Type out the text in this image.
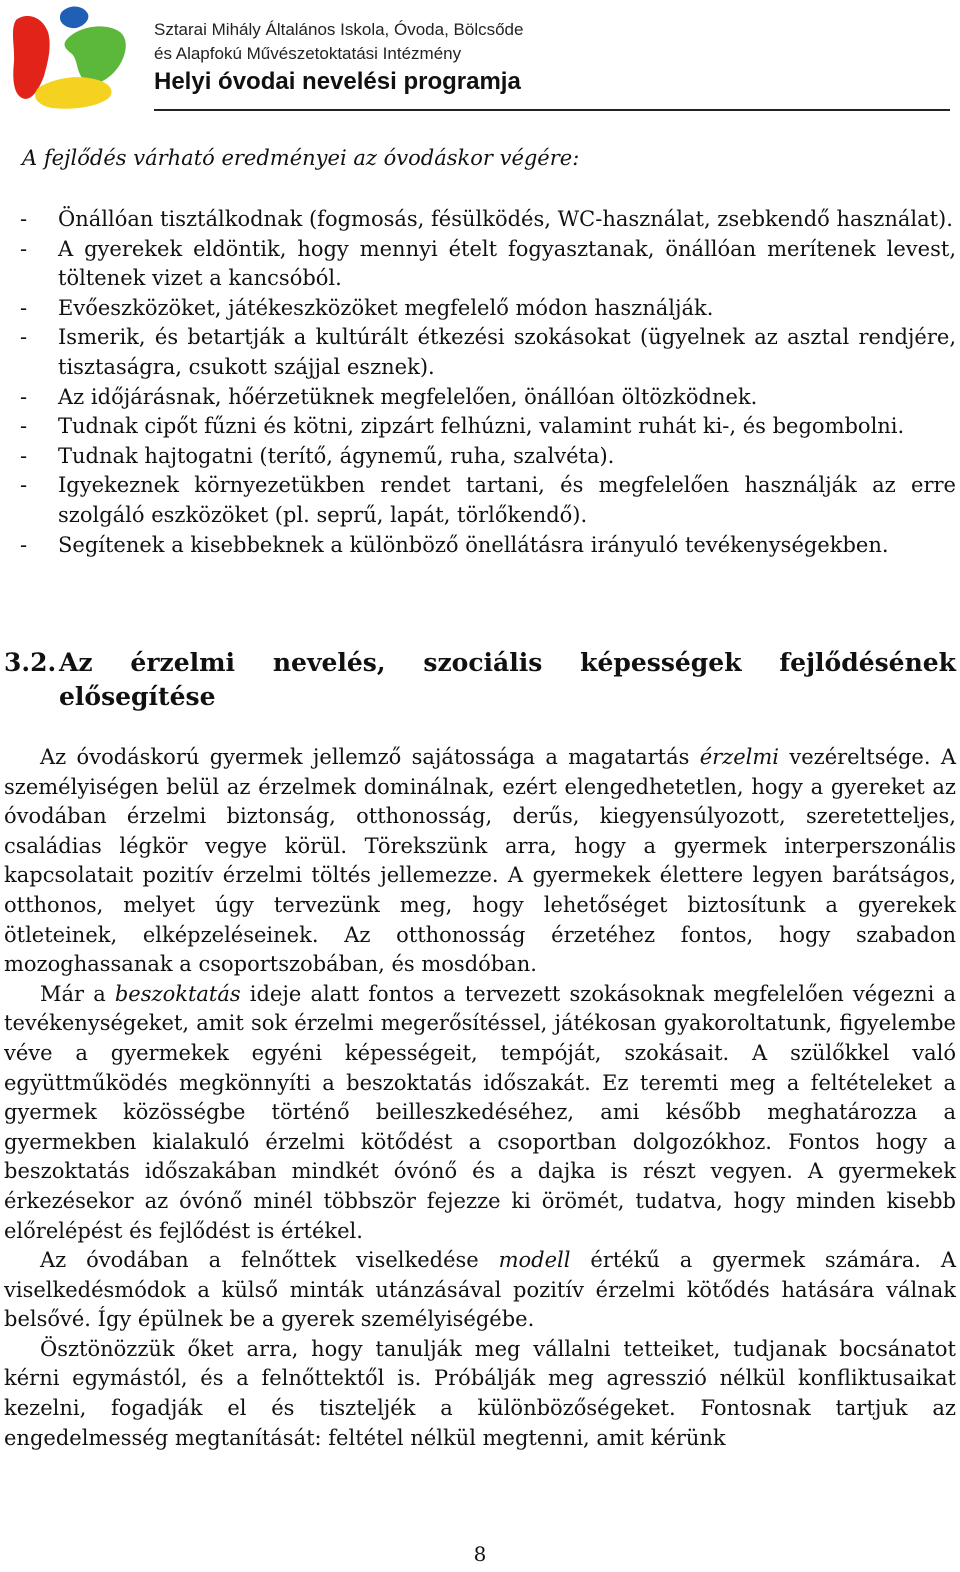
Sztarai Mihály Általános Iskola, Óvoda, Bölcsőde
és Alapfokú Művészetoktatási Intézmény
Helyi óvodai nevelési programja
A fejlődés várható eredményei az óvodáskor végére:
- Önállóan tisztálkodnak (fogmosás, fésülködés, WC-használat, zsebkendő használat).
- A gyerekek eldöntik, hogy mennyi ételt fogyasztanak, önállóan merítenek levest, töltenek vizet a kancsóból.
- Evőeszközöket, játékeszközöket megfelelő módon használják.
- Ismerik, és betartják a kultúrált étkezési szokásokat (ügyelnek az asztal rendjére, tisztaságra, csukott szájjal esznek).
- Az időjárásnak, hőérzetüknek megfelelően, önállóan öltözködnek.
- Tudnak cipőt fűzni és kötni, zipzárt felhúzni, valamint ruhát ki-, és begombolni.
- Tudnak hajtogatni (terítő, ágynemű, ruha, szalvéta).
- Igyekeznek környezetükben rendet tartani, és megfelelően használják az erre szolgáló eszközöket (pl. seprű, lapát, törlőkendő).
- Segítenek a kisebbeknek a különböző önellátásra irányuló tevékenységekben.
3.2. Az érzelmi nevelés, szociális képességek fejlődésének elősegítése

Az óvodáskorú gyermek jellemző sajátossága a magatartás érzelmi vezéreltsége. A személyiségen belül az érzelmek dominálnak, ezért elengedhetetlen, hogy a gyereket az óvodában érzelmi biztonság, otthonosság, derűs, kiegyensúlyozott, szeretetteljes, családias légkör vegye körül. Törekszünk arra, hogy a gyermek interperszonális kapcsolatait pozitív érzelmi töltés jellemezze. A gyermekek élettere legyen barátságos, otthonos, melyet úgy tervezünk meg, hogy lehetőséget biztosítunk a gyerekek ötleteinek, elképzeléseinek. Az otthonosság érzetéhez fontos, hogy szabadon mozoghassanak a csoportszobában, és mosdóban.

Már a beszoktatás ideje alatt fontos a tervezett szokásoknak megfelelően végezni a tevékenységeket, amit sok érzelmi megerősítéssel, játékosan gyakoroltatunk, figyelembe véve a gyermekek egyéni képességeit, tempóját, szokásait. A szülőkkel való együttműködés megkönnyíti a beszoktatás időszakát. Ez teremti meg a feltételeket a gyermek közösségbe történő beilleszkedéséhez, ami később meghatározza a gyermekben kialakuló érzelmi kötődést a csoportban dolgozókhoz. Fontos hogy a beszoktatás időszakában mindkét óvónő és a dajka is részt vegyen. A gyermekek érkezésekor az óvónő minél többször fejezze ki örömét, tudatva, hogy minden kisebb előrelépést és fejlődést is értékel.

Az óvodában a felnőttek viselkedése modell értékű a gyermek számára. A viselkedésmódok a külső minták utánzásával pozitív érzelmi kötődés hatására válnak belsővé. Így épülnek be a gyerek személyiségébe.

Ösztönözzük őket arra, hogy tanulják meg vállalni tetteiket, tudjanak bocsánatot kérni egymástól, és a felnőttektől is. Próbálják meg agresszió nélkül konfliktusaikat kezelni, fogadják el és tiszteljék a különbözőségeket. Fontosnak tartjuk az engedelmesség megtanítását: feltétel nélkül megtenni, amit kérünk

8
